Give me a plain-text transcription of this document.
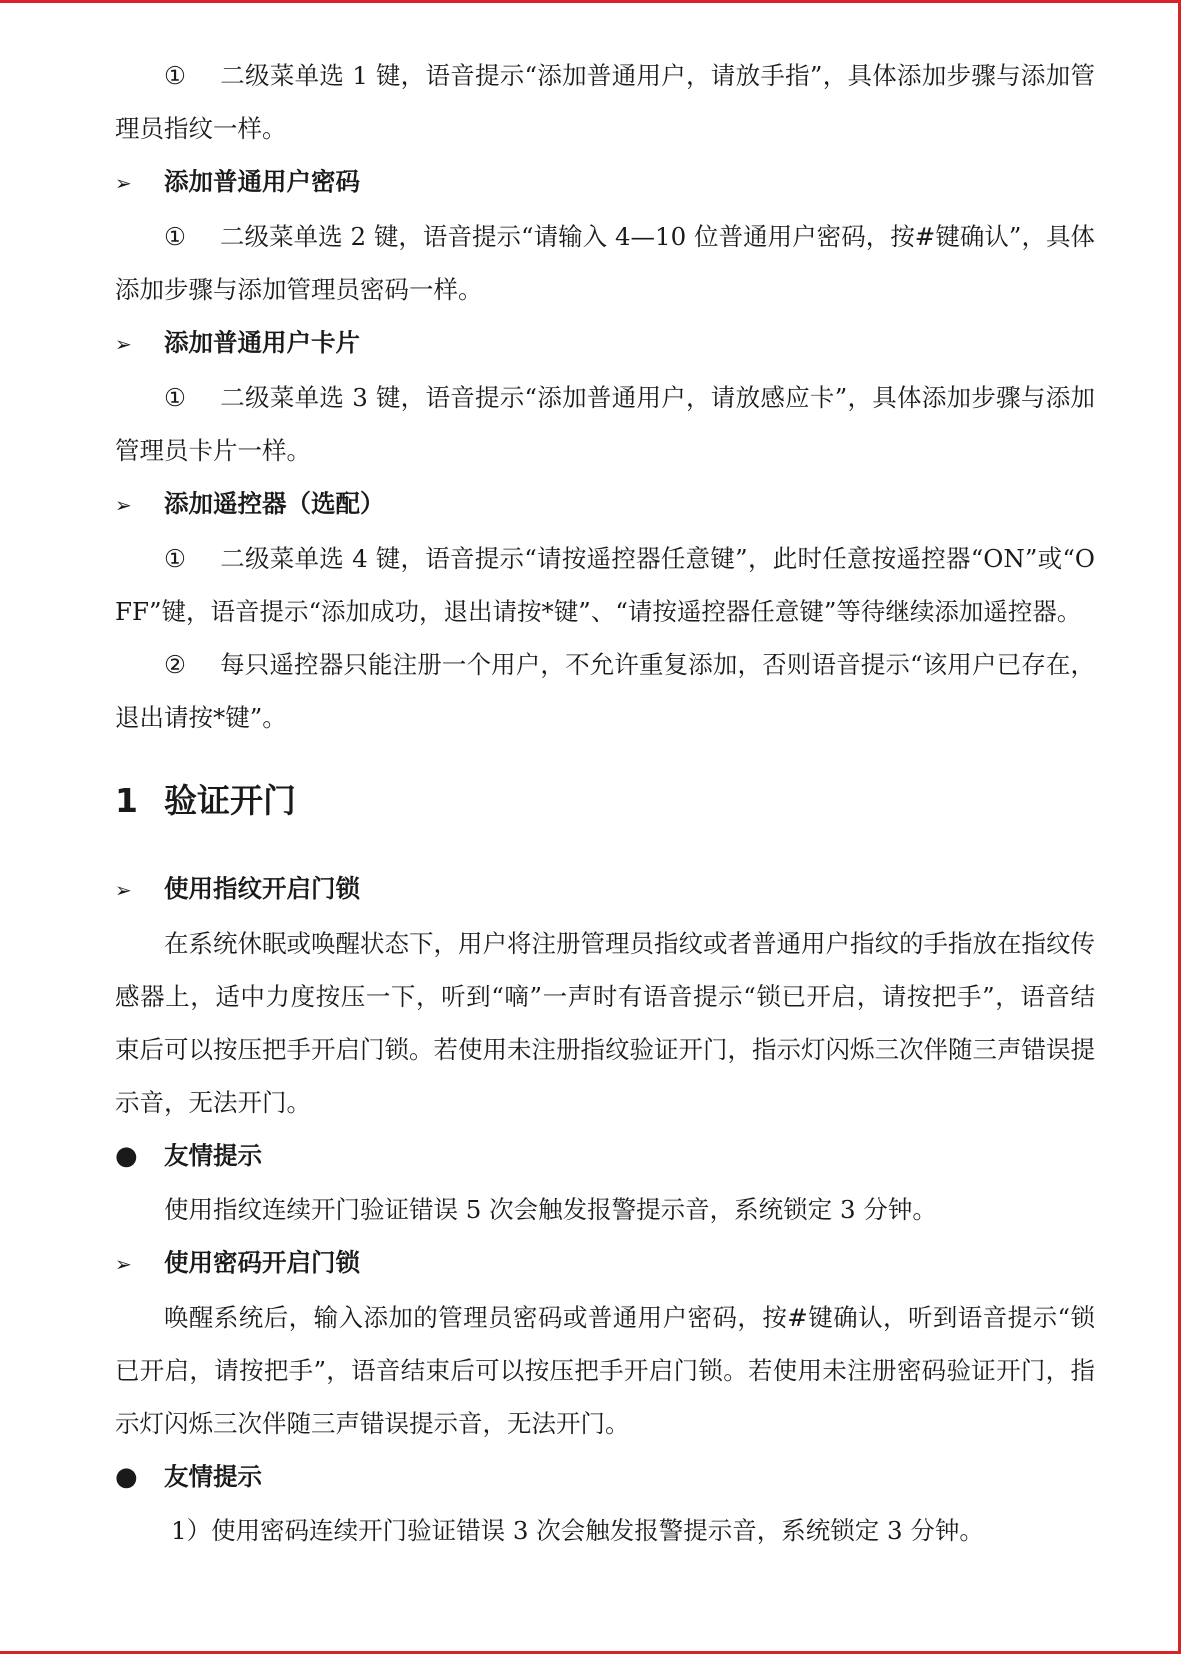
① 二级菜单选 1 键，语音提示“添加普通用户，请放手指”，具体添加步骤与添加管理员指纹一样。

➢ 添加普通用户密码

① 二级菜单选 2 键，语音提示“请输入 4—10 位普通用户密码，按#键确认”，具体添加步骤与添加管理员密码一样。

➢ 添加普通用户卡片

① 二级菜单选 3 键，语音提示“添加普通用户，请放感应卡”，具体添加步骤与添加管理员卡片一样。

➢ 添加遥控器（选配）

① 二级菜单选 4 键，语音提示“请按遥控器任意键”，此时任意按遥控器“ON”或“OFF”键，语音提示“添加成功，退出请按*键”、“请按遥控器任意键”等待继续添加遥控器。

② 每只遥控器只能注册一个用户，不允许重复添加，否则语音提示“该用户已存在，退出请按*键”。

1 验证开门

➢ 使用指纹开启门锁

在系统休眠或唤醒状态下，用户将注册管理员指纹或者普通用户指纹的手指放在指纹传感器上，适中力度按压一下，听到“嘀”一声时有语音提示“锁已开启，请按把手”，语音结束后可以按压把手开启门锁。若使用未注册指纹验证开门，指示灯闪烁三次伴随三声错误提示音，无法开门。

● 友情提示

使用指纹连续开门验证错误 5 次会触发报警提示音，系统锁定 3 分钟。

➢ 使用密码开启门锁

唤醒系统后，输入添加的管理员密码或普通用户密码，按#键确认，听到语音提示“锁已开启，请按把手”，语音结束后可以按压把手开启门锁。若使用未注册密码验证开门，指示灯闪烁三次伴随三声错误提示音，无法开门。

● 友情提示

1）使用密码连续开门验证错误 3 次会触发报警提示音，系统锁定 3 分钟。
